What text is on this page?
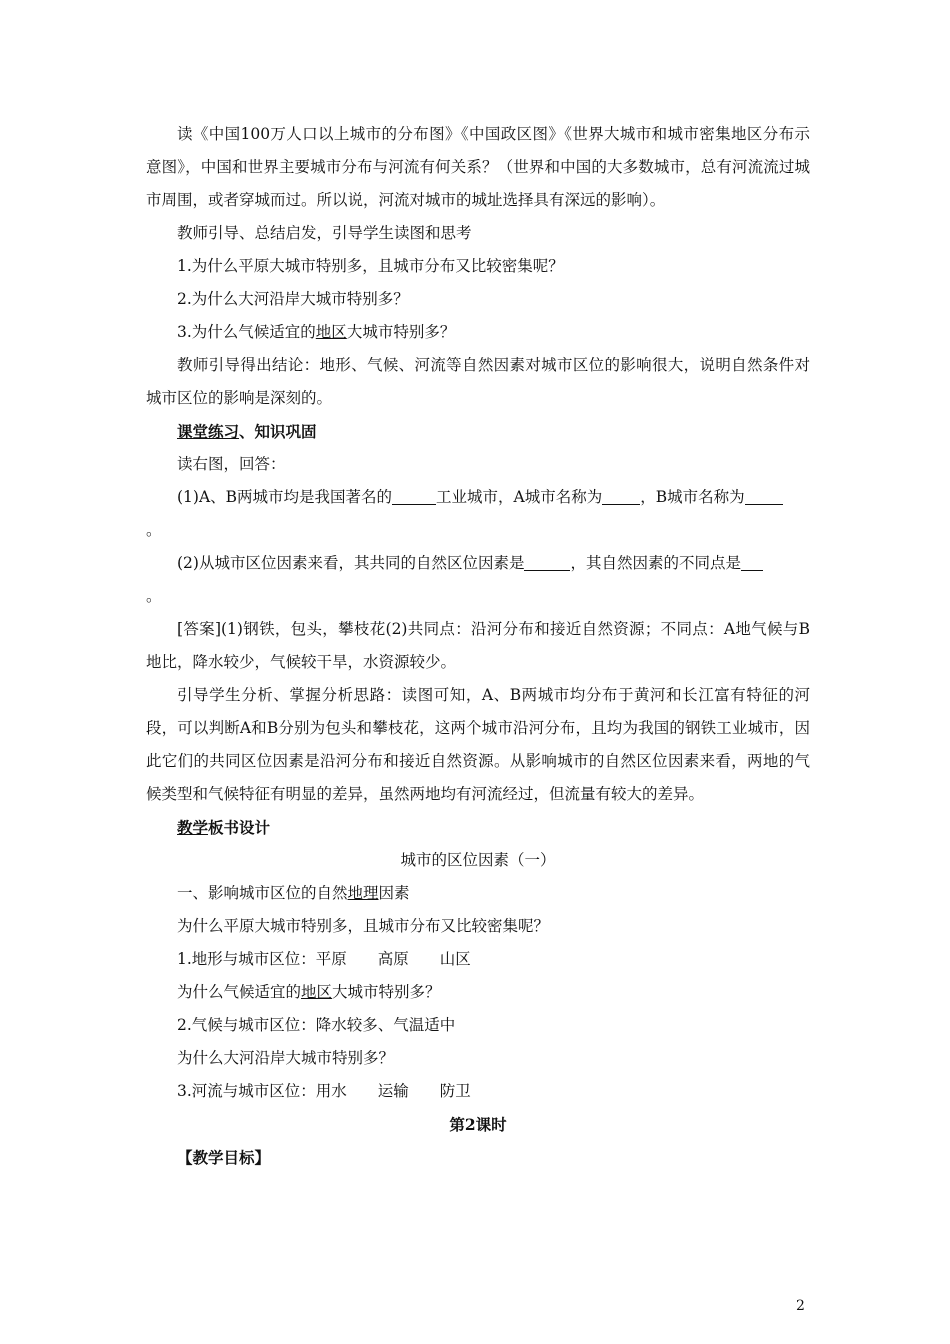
读《中国100万人口以上城市的分布图》《中国政区图》《世界大城市和城市密集地区分布示意图》，中国和世界主要城市分布与河流有何关系？（世界和中国的大多数城市，总有河流流过城市周围，或者穿城而过。所以说，河流对城市的城址选择具有深远的影响）。

教师引导、总结启发，引导学生读图和思考

1.为什么平原大城市特别多，且城市分布又比较密集呢？

2.为什么大河沿岸大城市特别多？

3.为什么气候适宜的地区大城市特别多？

教师引导得出结论：地形、气候、河流等自然因素对城市区位的影响很大，说明自然条件对城市区位的影响是深刻的。

课堂练习、知识巩固

读右图，回答：

(1)A、B两城市均是我国著名的	工业城市，A城市名称为 ，B城市名称为
。

(2)从城市区位因素来看，其共同的自然区位因素是	，其自然因素的不同点是
。

[答案](1)钢铁，包头，攀枝花(2)共同点：沿河分布和接近自然资源；不同点：A地气候与B地比，降水较少，气候较干旱，水资源较少。

引导学生分析、掌握分析思路：读图可知，A、B两城市均分布于黄河和长江富有特征的河段，可以判断A和B分别为包头和攀枝花，这两个城市沿河分布，且均为我国的钢铁工业城市，因此它们的共同区位因素是沿河分布和接近自然资源。从影响城市的自然区位因素来看，两地的气候类型和气候特征有明显的差异，虽然两地均有河流经过，但流量有较大的差异。

教学板书设计

城市的区位因素（一）

一、影响城市区位的自然地理因素

为什么平原大城市特别多，且城市分布又比较密集呢？

1.地形与城市区位：平原　　高原　　山区

为什么气候适宜的地区大城市特别多？

2.气候与城市区位：降水较多、气温适中

为什么大河沿岸大城市特别多？

3.河流与城市区位：用水　　运输　　防卫

第2课时

【教学目标】

2
